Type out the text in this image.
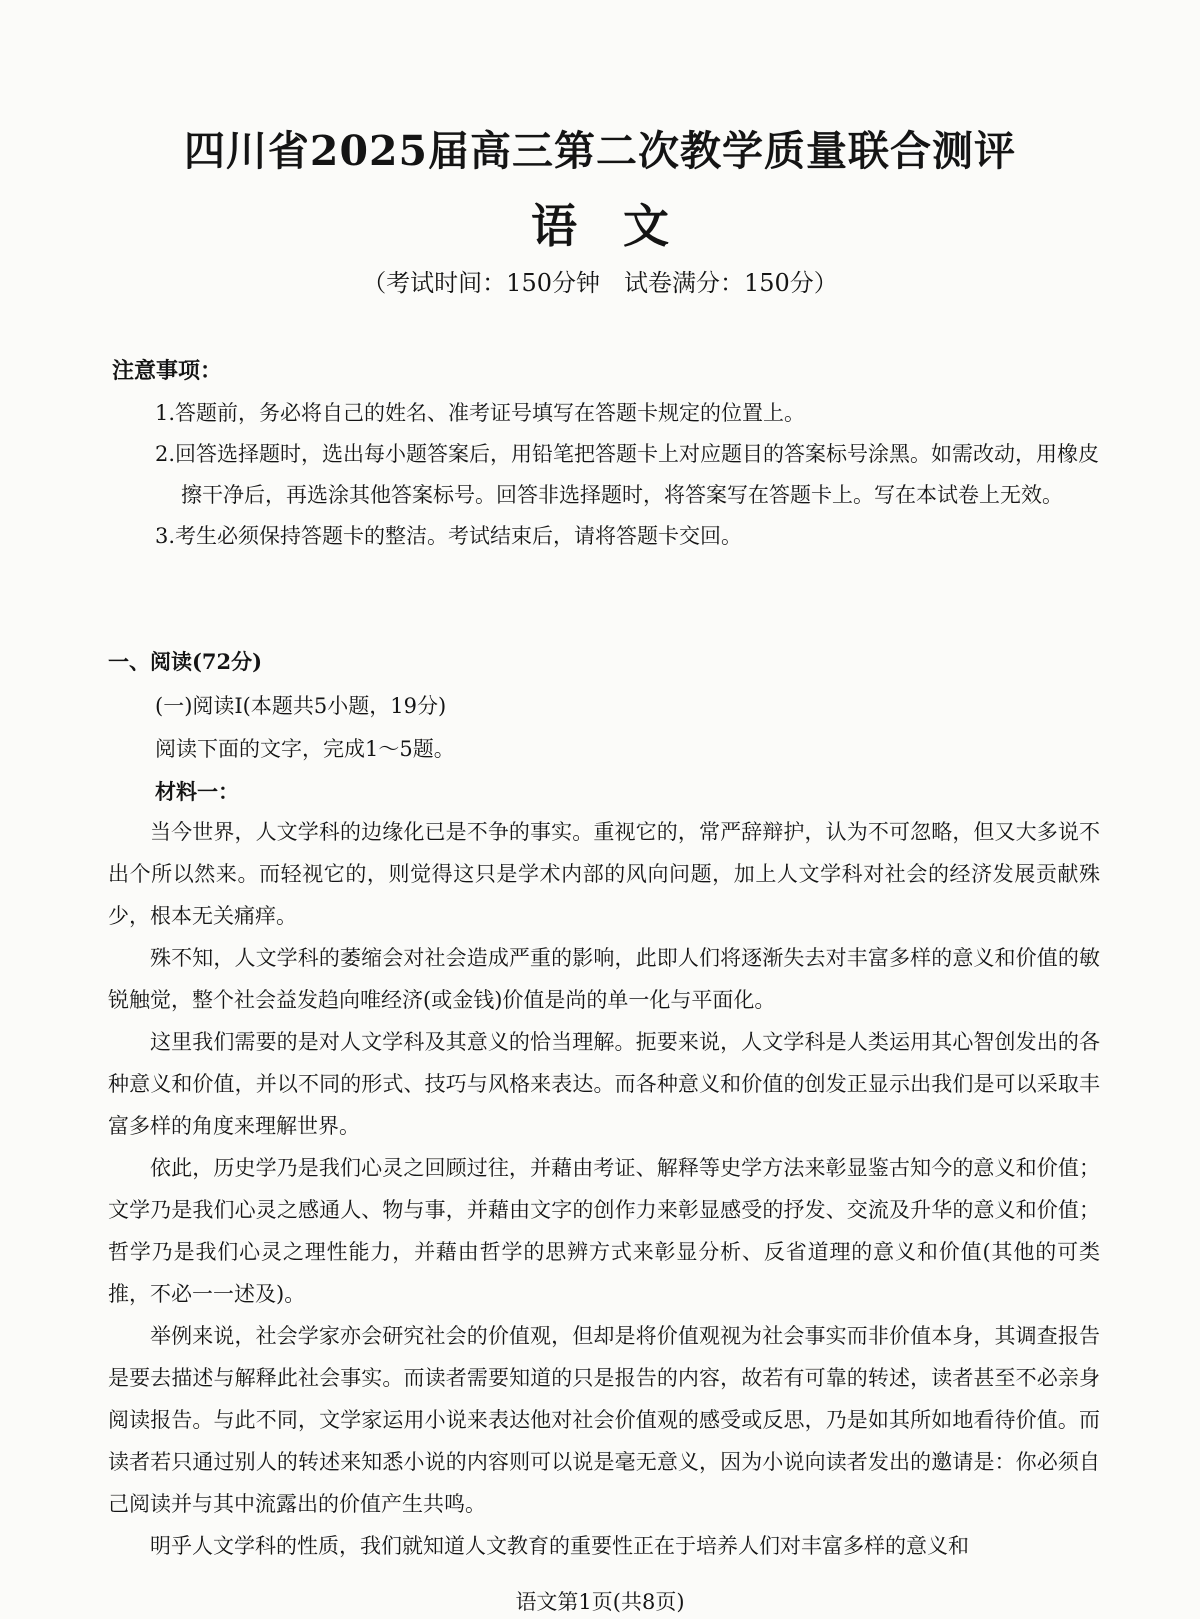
四川省2025届高三第二次教学质量联合测评
语　文
（考试时间：150分钟　试卷满分：150分）
注意事项：

1.答题前，务必将自己的姓名、准考证号填写在答题卡规定的位置上。

2.回答选择题时，选出每小题答案后，用铅笔把答题卡上对应题目的答案标号涂黑。如需改动，用橡皮擦干净后，再选涂其他答案标号。回答非选择题时，将答案写在答题卡上。写在本试卷上无效。

3.考生必须保持答题卡的整洁。考试结束后，请将答题卡交回。

一、阅读(72分)
(一)阅读Ⅰ(本题共5小题，19分)
阅读下面的文字，完成1～5题。
材料一：

当今世界，人文学科的边缘化已是不争的事实。重视它的，常严辞辩护，认为不可忽略，但又大多说不出个所以然来。而轻视它的，则觉得这只是学术内部的风向问题，加上人文学科对社会的经济发展贡献殊少，根本无关痛痒。

殊不知，人文学科的萎缩会对社会造成严重的影响，此即人们将逐渐失去对丰富多样的意义和价值的敏锐触觉，整个社会益发趋向唯经济(或金钱)价值是尚的单一化与平面化。

这里我们需要的是对人文学科及其意义的恰当理解。扼要来说，人文学科是人类运用其心智创发出的各种意义和价值，并以不同的形式、技巧与风格来表达。而各种意义和价值的创发正显示出我们是可以采取丰富多样的角度来理解世界。

依此，历史学乃是我们心灵之回顾过往，并藉由考证、解释等史学方法来彰显鉴古知今的意义和价值；文学乃是我们心灵之感通人、物与事，并藉由文字的创作力来彰显感受的抒发、交流及升华的意义和价值；哲学乃是我们心灵之理性能力，并藉由哲学的思辨方式来彰显分析、反省道理的意义和价值(其他的可类推，不必一一述及)。

举例来说，社会学家亦会研究社会的价值观，但却是将价值观视为社会事实而非价值本身，其调查报告是要去描述与解释此社会事实。而读者需要知道的只是报告的内容，故若有可靠的转述，读者甚至不必亲身阅读报告。与此不同，文学家运用小说来表达他对社会价值观的感受或反思，乃是如其所如地看待价值。而读者若只通过别人的转述来知悉小说的内容则可以说是毫无意义，因为小说向读者发出的邀请是：你必须自己阅读并与其中流露出的价值产生共鸣。

明乎人文学科的性质，我们就知道人文教育的重要性正在于培养人们对丰富多样的意义和

语文第1页(共8页)
